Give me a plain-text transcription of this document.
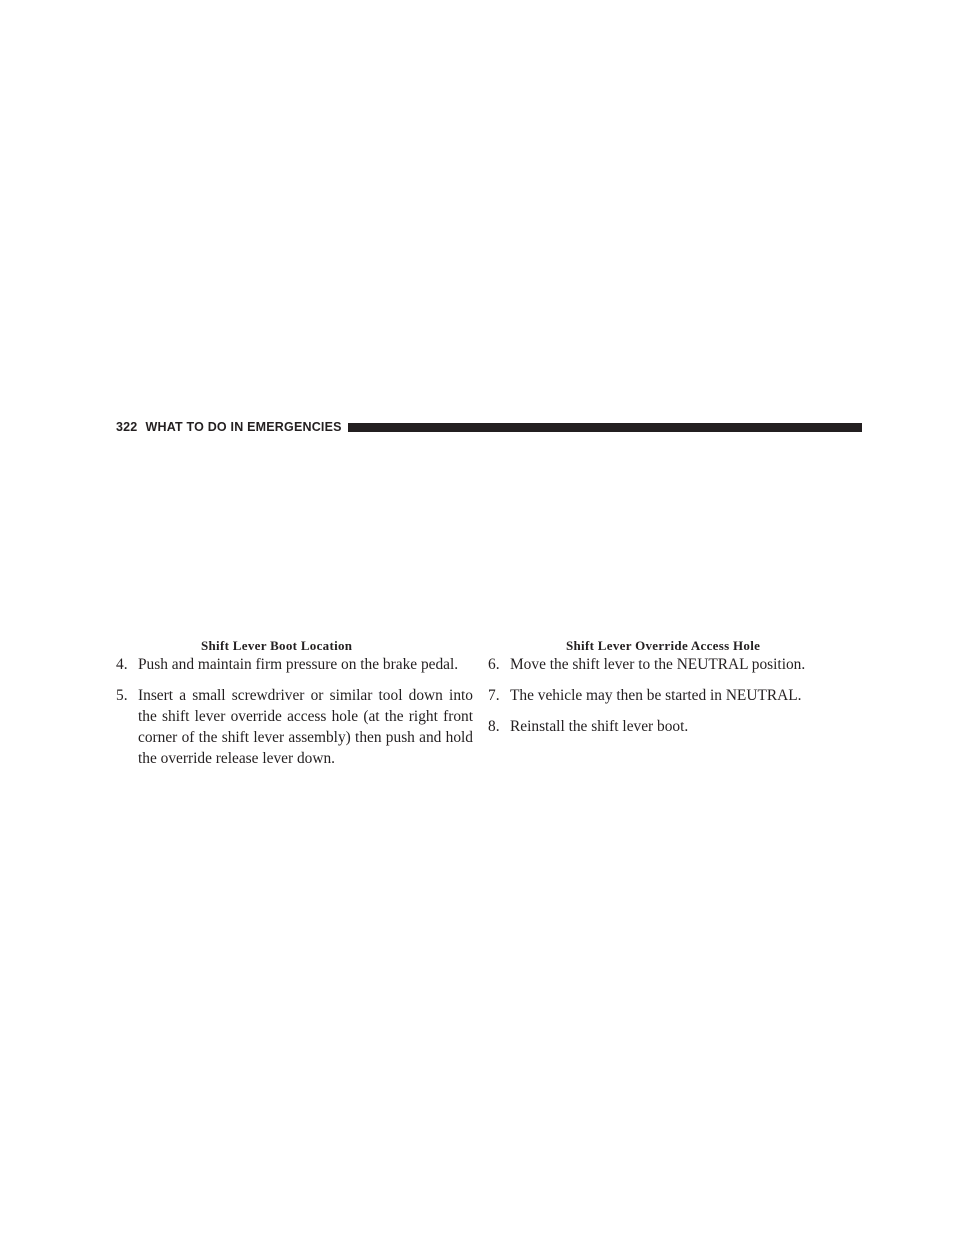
322 WHAT TO DO IN EMERGENCIES
Shift Lever Boot Location	Shift Lever Override Access Hole

4. Push and maintain firm pressure on the brake pedal.

5. Insert a small screwdriver or similar tool down into the shift lever override access hole (at the right front corner of the shift lever assembly) then push and hold the override release lever down.

6. Move the shift lever to the NEUTRAL position.

7. The vehicle may then be started in NEUTRAL.

8. Reinstall the shift lever boot.
